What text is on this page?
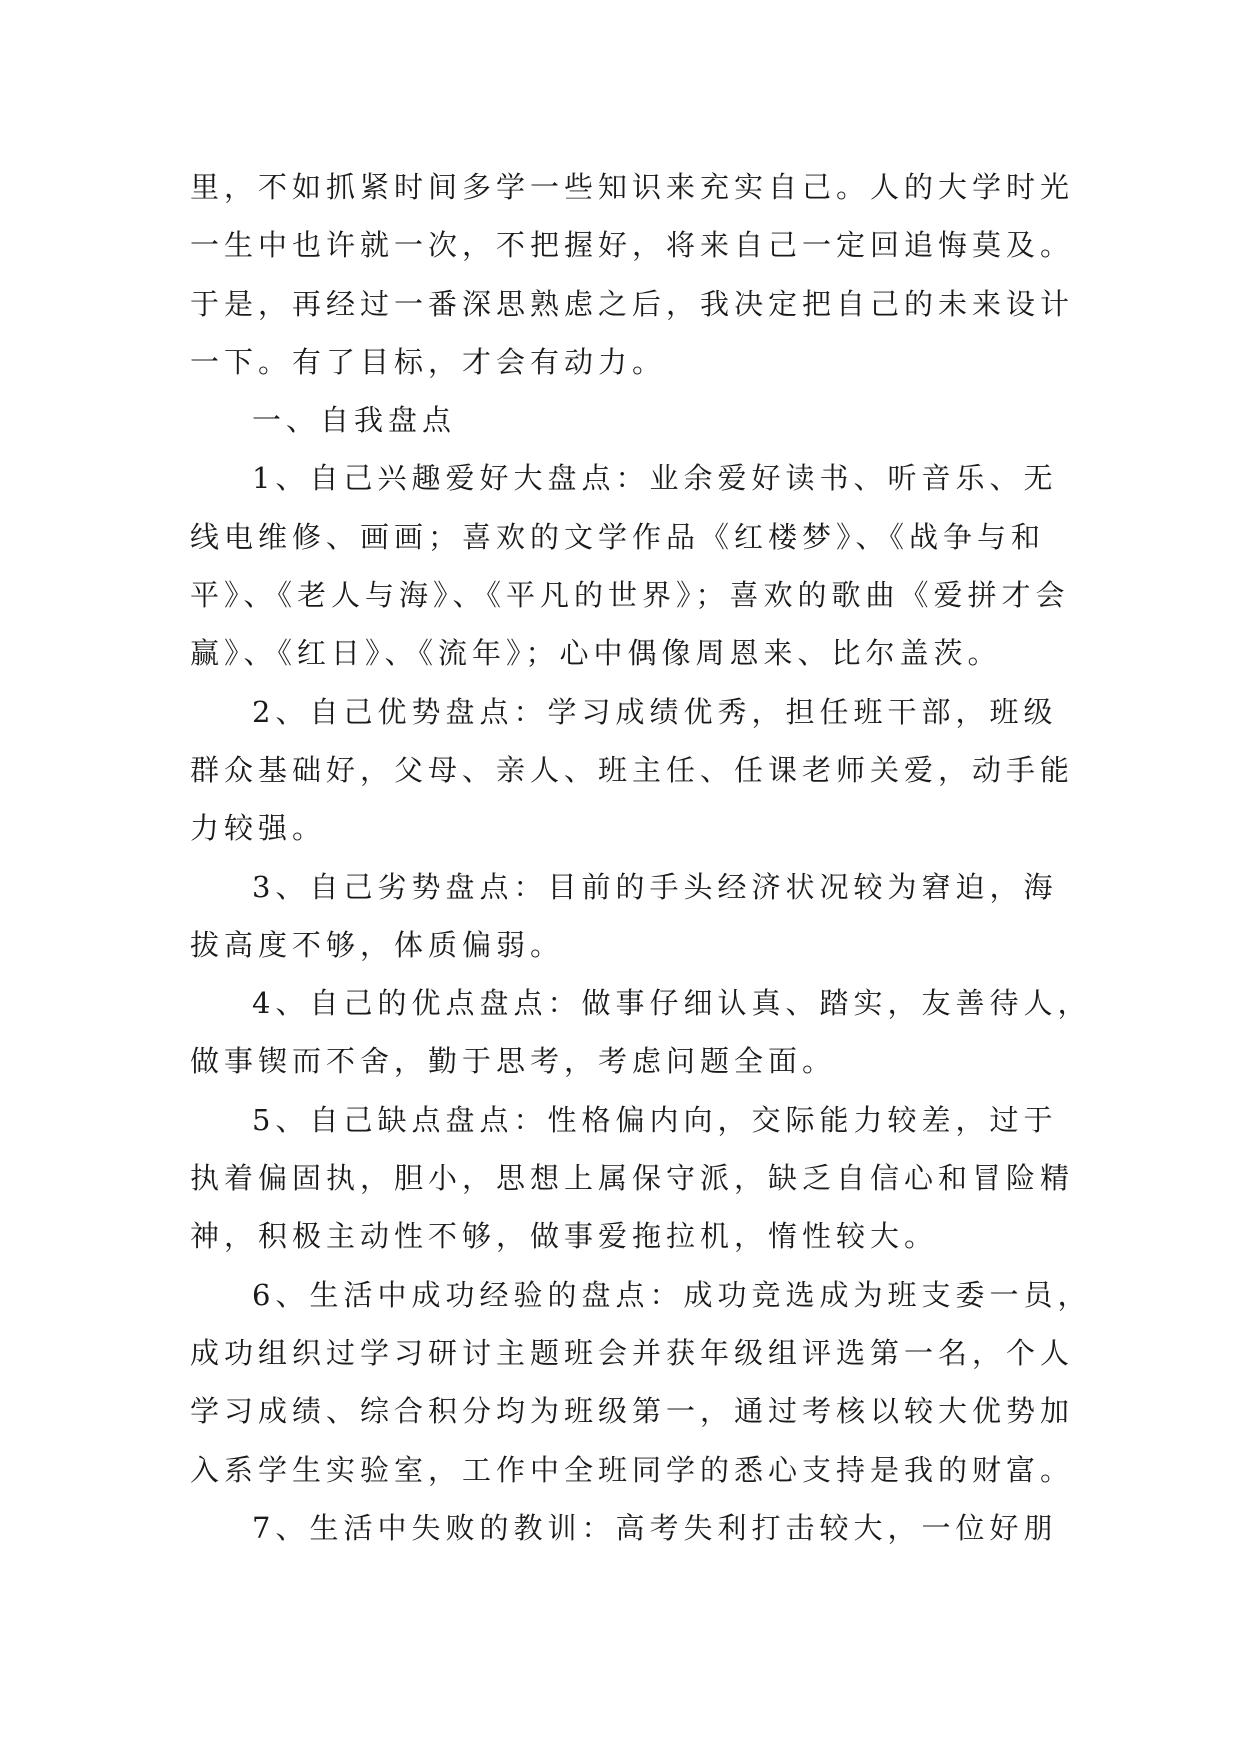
里，不如抓紧时间多学一些知识来充实自己。人的大学时光
一生中也许就一次，不把握好，将来自己一定回追悔莫及。
于是，再经过一番深思熟虑之后，我决定把自己的未来设计
一下。有了目标，才会有动力。
一、自我盘点
1、自己兴趣爱好大盘点：业余爱好读书、听音乐、无
线电维修、画画；喜欢的文学作品《红楼梦》、《战争与和
平》、《老人与海》、《平凡的世界》；喜欢的歌曲《爱拼才会
赢》、《红日》、《流年》；心中偶像周恩来、比尔盖茨。
2、自己优势盘点：学习成绩优秀，担任班干部，班级
群众基础好，父母、亲人、班主任、任课老师关爱，动手能
力较强。
3、自己劣势盘点：目前的手头经济状况较为窘迫，海
拔高度不够，体质偏弱。
4、自己的优点盘点：做事仔细认真、踏实，友善待人，
做事锲而不舍，勤于思考，考虑问题全面。
5、自己缺点盘点：性格偏内向，交际能力较差，过于
执着偏固执，胆小，思想上属保守派，缺乏自信心和冒险精
神，积极主动性不够，做事爱拖拉机，惰性较大。
6、生活中成功经验的盘点：成功竞选成为班支委一员，
成功组织过学习研讨主题班会并获年级组评选第一名，个人
学习成绩、综合积分均为班级第一，通过考核以较大优势加
入系学生实验室，工作中全班同学的悉心支持是我的财富。
7、生活中失败的教训：高考失利打击较大，一位好朋
